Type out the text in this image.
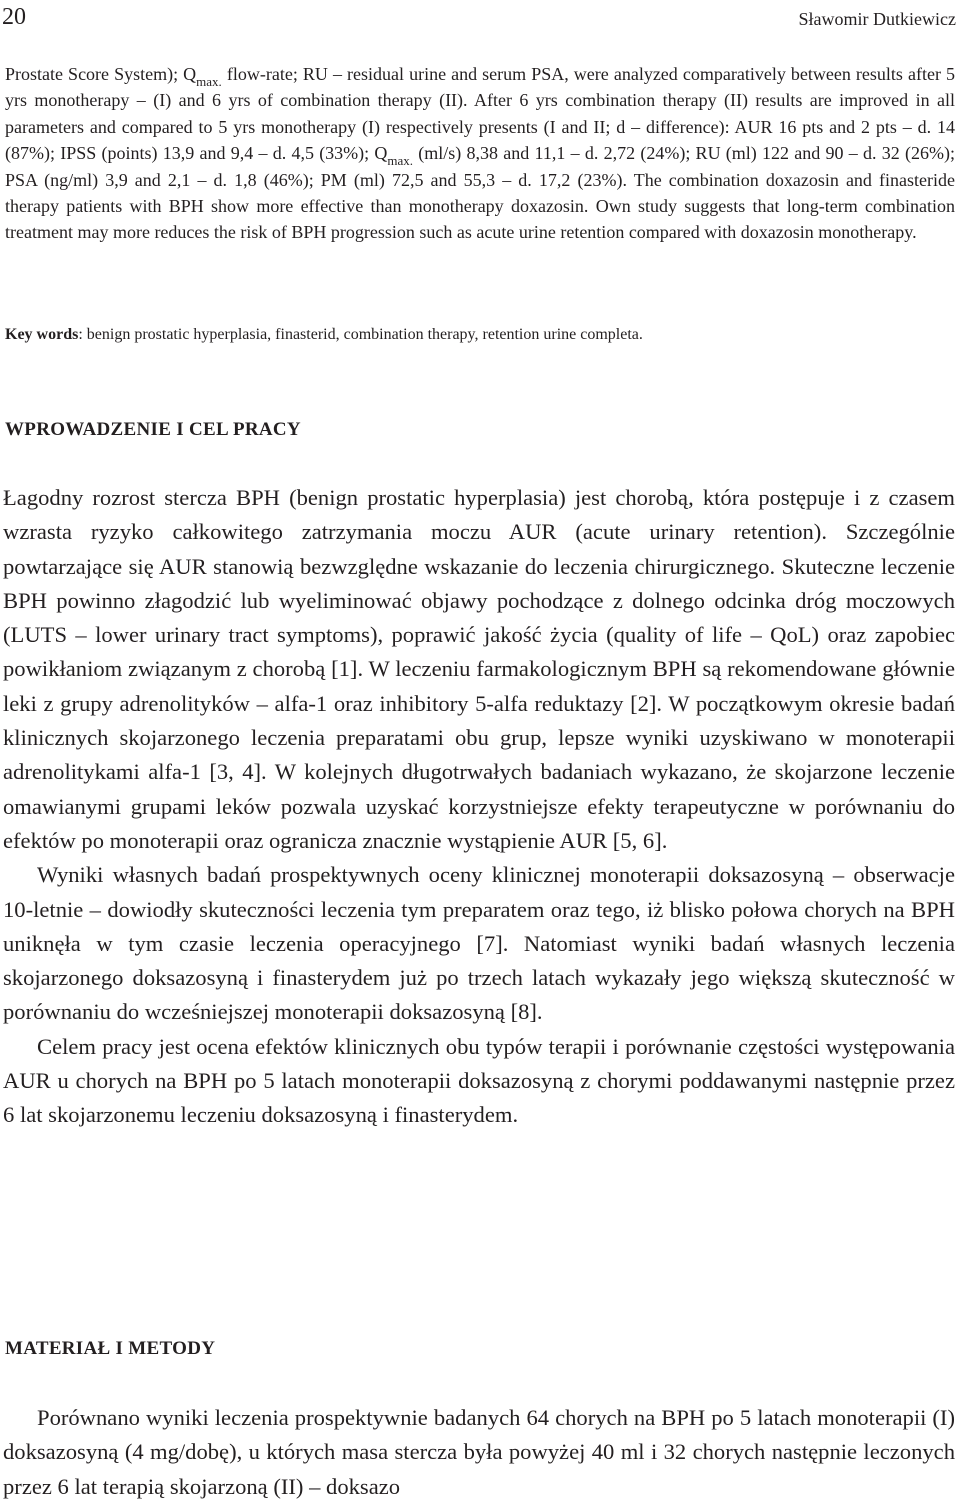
20	Sławomir Dutkiewicz

Prostate Score System); $Q_{max.}$ flow-rate; RU – residual urine and serum PSA, were analyzed comparatively between results after 5 yrs monotherapy – (I) and 6 yrs of combination therapy (II). After 6 yrs combination therapy (II) results are improved in all parameters and compared to 5 yrs monotherapy (I) respectively presents (I and II; d – difference): AUR 16 pts and 2 pts – d. 14 (87%); IPSS (points) 13,9 and 9,4 – d. 4,5 (33%); $Q_{max.}$ (ml/s) 8,38 and 11,1 – d. 2,72 (24%); RU (ml) 122 and 90 – d. 32 (26%); PSA (ng/ml) 3,9 and 2,1 – d. 1,8 (46%); PM (ml) 72,5 and 55,3 – d. 17,2 (23%). The combination doxazosin and finasteride therapy patients with BPH show more effective than monotherapy doxazosin. Own study suggests that long-term combination treatment may more reduces the risk of BPH progression such as acute urine retention compared with doxazosin monotherapy.

Key words: benign prostatic hyperplasia, finasterid, combination therapy, retention urine completa.
WPROWADZENIE I CEL PRACY

Łagodny rozrost stercza BPH (benign prostatic hyperplasia) jest chorobą, która postępuje i z czasem wzrasta ryzyko całkowitego zatrzymania moczu AUR (acute urinary retention). Szczególnie powtarzające się AUR stanowią bezwzględne wskazanie do leczenia chirurgicznego. Skuteczne leczenie BPH powinno złagodzić lub wyeliminować objawy pochodzące z dolnego odcinka dróg moczowych (LUTS – lower urinary tract symptoms), poprawić jakość życia (quality of life – QoL) oraz zapobiec powikłaniom związanym z chorobą [1]. W leczeniu farmakologicznym BPH są rekomendowane głównie leki z grupy adrenolityków – alfa-1 oraz inhibitory 5-alfa reduktazy [2]. W początkowym okresie badań klinicznych skojarzonego leczenia preparatami obu grup, lepsze wyniki uzyskiwano w monoterapii adrenolitykami alfa-1 [3, 4]. W kolejnych długotrwałych badaniach wykazano, że skojarzone leczenie omawianymi grupami leków pozwala uzyskać korzystniejsze efekty terapeutyczne w porównaniu do efektów po monoterapii oraz ogranicza znacznie wystąpienie AUR [5, 6].

Wyniki własnych badań prospektywnych oceny klinicznej monoterapii doksazosyną – obserwacje 10-letnie – dowiodły skuteczności leczenia tym preparatem oraz tego, iż blisko połowa chorych na BPH uniknęła w tym czasie leczenia operacyjnego [7]. Natomiast wyniki badań własnych leczenia skojarzonego doksazosyną i finasterydem już po trzech latach wykazały jego większą skuteczność w porównaniu do wcześniejszej monoterapii doksazosyną [8].

Celem pracy jest ocena efektów klinicznych obu typów terapii i porównanie częstości występowania AUR u chorych na BPH po 5 latach monoterapii doksazosyną z chorymi poddawanymi następnie przez 6 lat skojarzonemu leczeniu doksazosyną i finasterydem.

MATERIAŁ I METODY

Porównano wyniki leczenia prospektywnie badanych 64 chorych na BPH po 5 latach monoterapii (I) doksazosyną (4 mg/dobę), u których masa stercza była powyżej 40 ml i 32 chorych następnie leczonych przez 6 lat terapią skojarzoną (II) – doksazo
